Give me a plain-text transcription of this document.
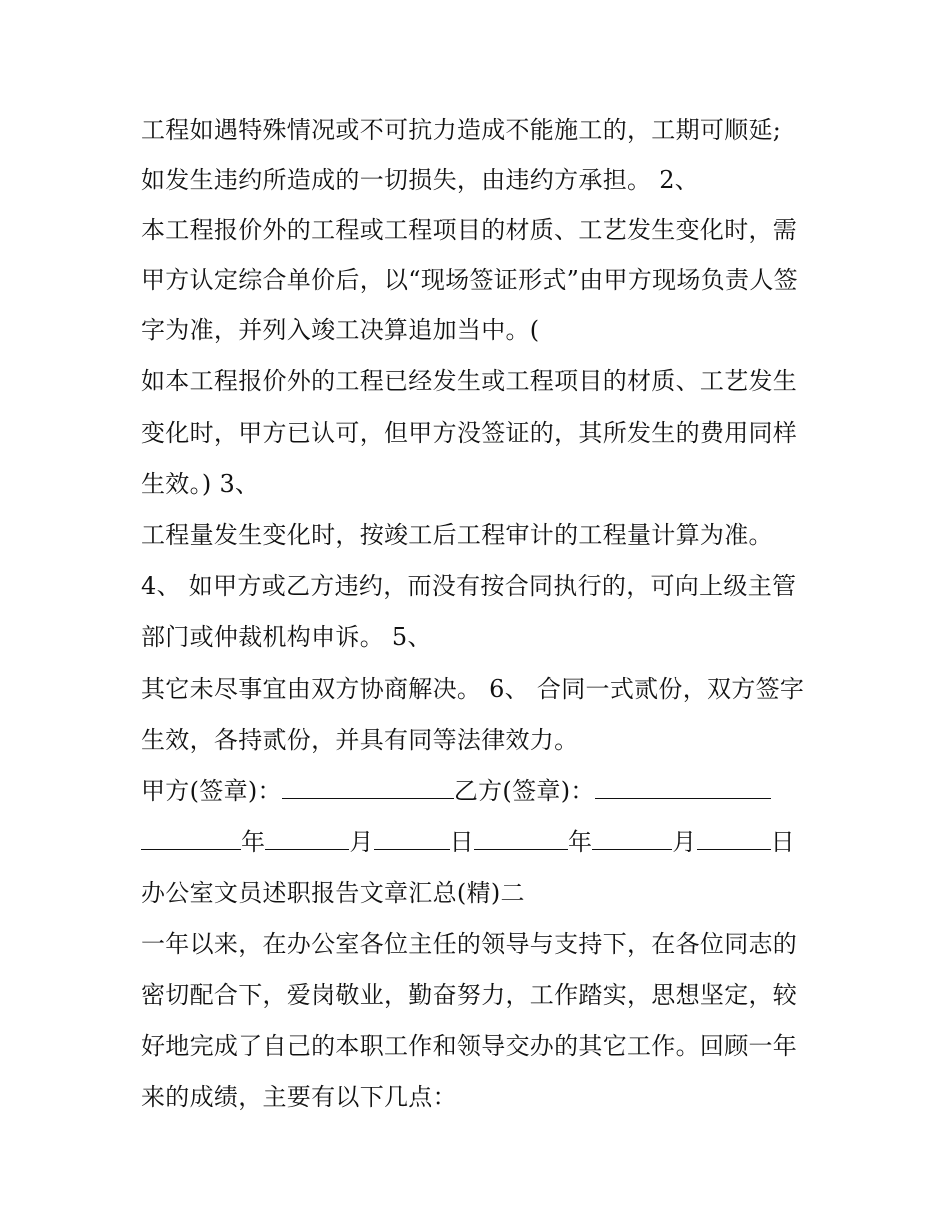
工程如遇特殊情况或不可抗力造成不能施工的，工期可顺延;
如发生违约所造成的一切损失，由违约方承担。 2、
本工程报价外的工程或工程项目的材质、工艺发生变化时，需
甲方认定综合单价后，以“现场签证形式”由甲方现场负责人签
字为准，并列入竣工决算追加当中。(
如本工程报价外的工程已经发生或工程项目的材质、工艺发生
变化时，甲方已认可，但甲方没签证的，其所发生的费用同样
生效。) 3、
工程量发生变化时，按竣工后工程审计的工程量计算为准。
4、 如甲方或乙方违约，而没有按合同执行的，可向上级主管
部门或仲裁机构申诉。 5、
其它未尽事宜由双方协商解决。 6、 合同一式贰份，双方签字
生效，各持贰份，并具有同等法律效力。
甲方(签章)：	乙方(签章)：
年	月	日	年	月	日
办公室文员述职报告文章汇总(精)二
一年以来，在办公室各位主任的领导与支持下，在各位同志的
密切配合下，爱岗敬业，勤奋努力，工作踏实，思想坚定，较
好地完成了自己的本职工作和领导交办的其它工作。回顾一年
来的成绩，主要有以下几点：
